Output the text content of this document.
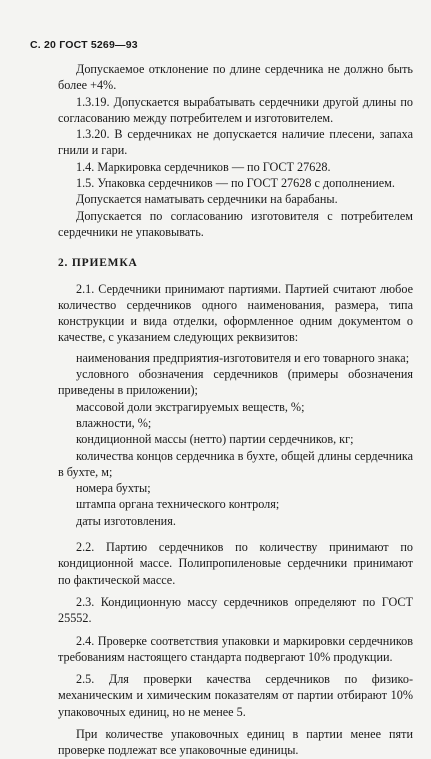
С. 20 ГОСТ 5269—93

Допускаемое отклонение по длине сердечника не должно быть более +4%.

1.3.19. Допускается вырабатывать сердечники другой длины по согласованию между потребителем и изготовителем.

1.3.20. В сердечниках не допускается наличие плесени, запаха гнили и гари.

1.4. Маркировка сердечников — по ГОСТ 27628.

1.5. Упаковка сердечников — по ГОСТ 27628 с дополнением.

Допускается наматывать сердечники на барабаны.

Допускается по согласованию изготовителя с потребителем сердечники не упаковывать.

2. ПРИЕМКА

2.1. Сердечники принимают партиями. Партией считают любое количество сердечников одного наименования, размера, типа конструкции и вида отделки, оформленное одним документом о качестве, с указанием следующих реквизитов:

наименования предприятия-изготовителя и его товарного знака;

условного обозначения сердечников (примеры обозначения приведены в приложении);

массовой доли экстрагируемых веществ, %;

влажности, %;

кондиционной массы (нетто) партии сердечников, кг;

количества концов сердечника в бухте, общей длины сердечника в бухте, м;

номера бухты;

штампа органа технического контроля;

даты изготовления.

2.2. Партию сердечников по количеству принимают по кондиционной массе. Полипропиленовые сердечники принимают по фактической массе.

2.3. Кондиционную массу сердечников определяют по ГОСТ 25552.

2.4. Проверке соответствия упаковки и маркировки сердечников требованиям настоящего стандарта подвергают 10% продукции.

2.5. Для проверки качества сердечников по физико-механическим и химическим показателям от партии отбирают 10% упаковочных единиц, но не менее 5.

При количестве упаковочных единиц в партии менее пяти проверке подлежат все упаковочные единицы.
